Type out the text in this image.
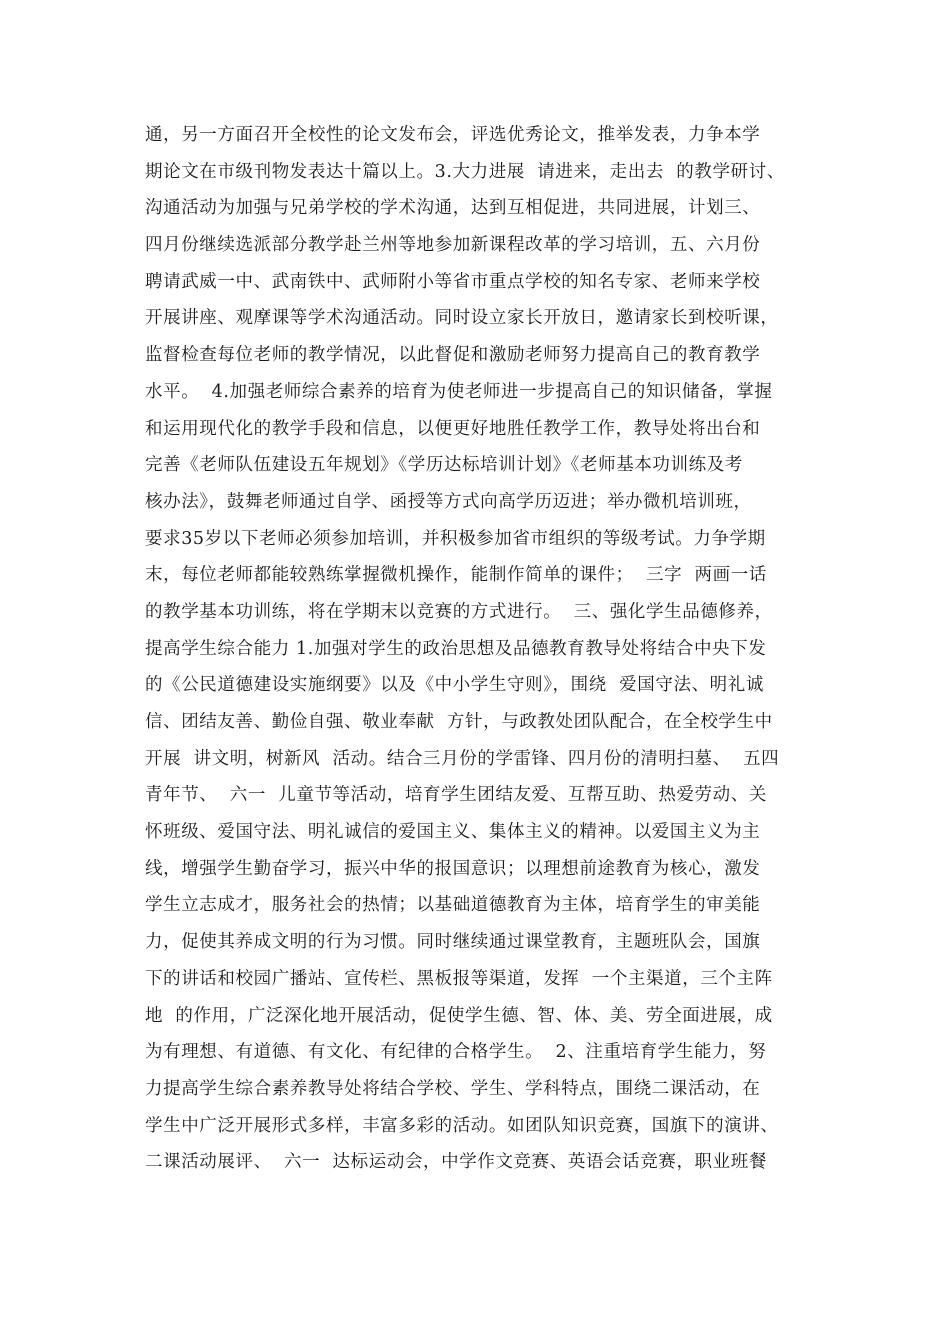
通，另一方面召开全校性的论文发布会，评选优秀论文，推举发表，力争本学
期论文在市级刊物发表达十篇以上。3.大力进展  请进来，走出去  的教学研讨、
沟通活动为加强与兄弟学校的学术沟通，达到互相促进，共同进展，计划三、
四月份继续选派部分教学赴兰州等地参加新课程改革的学习培训，五、六月份
聘请武威一中、武南铁中、武师附小等省市重点学校的知名专家、老师来学校
开展讲座、观摩课等学术沟通活动。同时设立家长开放日，邀请家长到校听课，
监督检查每位老师的教学情况，以此督促和激励老师努力提高自己的教育教学
水平。  4.加强老师综合素养的培育为使老师进一步提高自己的知识储备，掌握
和运用现代化的教学手段和信息，以便更好地胜任教学工作，教导处将出台和
完善《老师队伍建设五年规划》《学历达标培训计划》《老师基本功训练及考
核办法》，鼓舞老师通过自学、函授等方式向高学历迈进；举办微机培训班，
要求35岁以下老师必须参加培训，并积极参加省市组织的等级考试。力争学期
末，每位老师都能较熟练掌握微机操作，能制作简单的课件；  三字  两画一话
的教学基本功训练，将在学期末以竞赛的方式进行。  三、强化学生品德修养，
提高学生综合能力 1.加强对学生的政治思想及品德教育教导处将结合中央下发
的《公民道德建设实施纲要》以及《中小学生守则》，围绕  爱国守法、明礼诚
信、团结友善、勤俭自强、敬业奉献  方针，与政教处团队配合，在全校学生中
开展  讲文明，树新风  活动。结合三月份的学雷锋、四月份的清明扫墓、  五四
青年节、  六一  儿童节等活动，培育学生团结友爱、互帮互助、热爱劳动、关
怀班级、爱国守法、明礼诚信的爱国主义、集体主义的精神。以爱国主义为主
线，增强学生勤奋学习，振兴中华的报国意识；以理想前途教育为核心，激发
学生立志成才，服务社会的热情；以基础道德教育为主体，培育学生的审美能
力，促使其养成文明的行为习惯。同时继续通过课堂教育，主题班队会，国旗
下的讲话和校园广播站、宣传栏、黑板报等渠道，发挥  一个主渠道，三个主阵
地  的作用，广泛深化地开展活动，促使学生德、智、体、美、劳全面进展，成
为有理想、有道德、有文化、有纪律的合格学生。  2、注重培育学生能力，努
力提高学生综合素养教导处将结合学校、学生、学科特点，围绕二课活动，在
学生中广泛开展形式多样，丰富多彩的活动。如团队知识竞赛，国旗下的演讲、
二课活动展评、  六一  达标运动会，中学作文竞赛、英语会话竞赛，职业班餐
